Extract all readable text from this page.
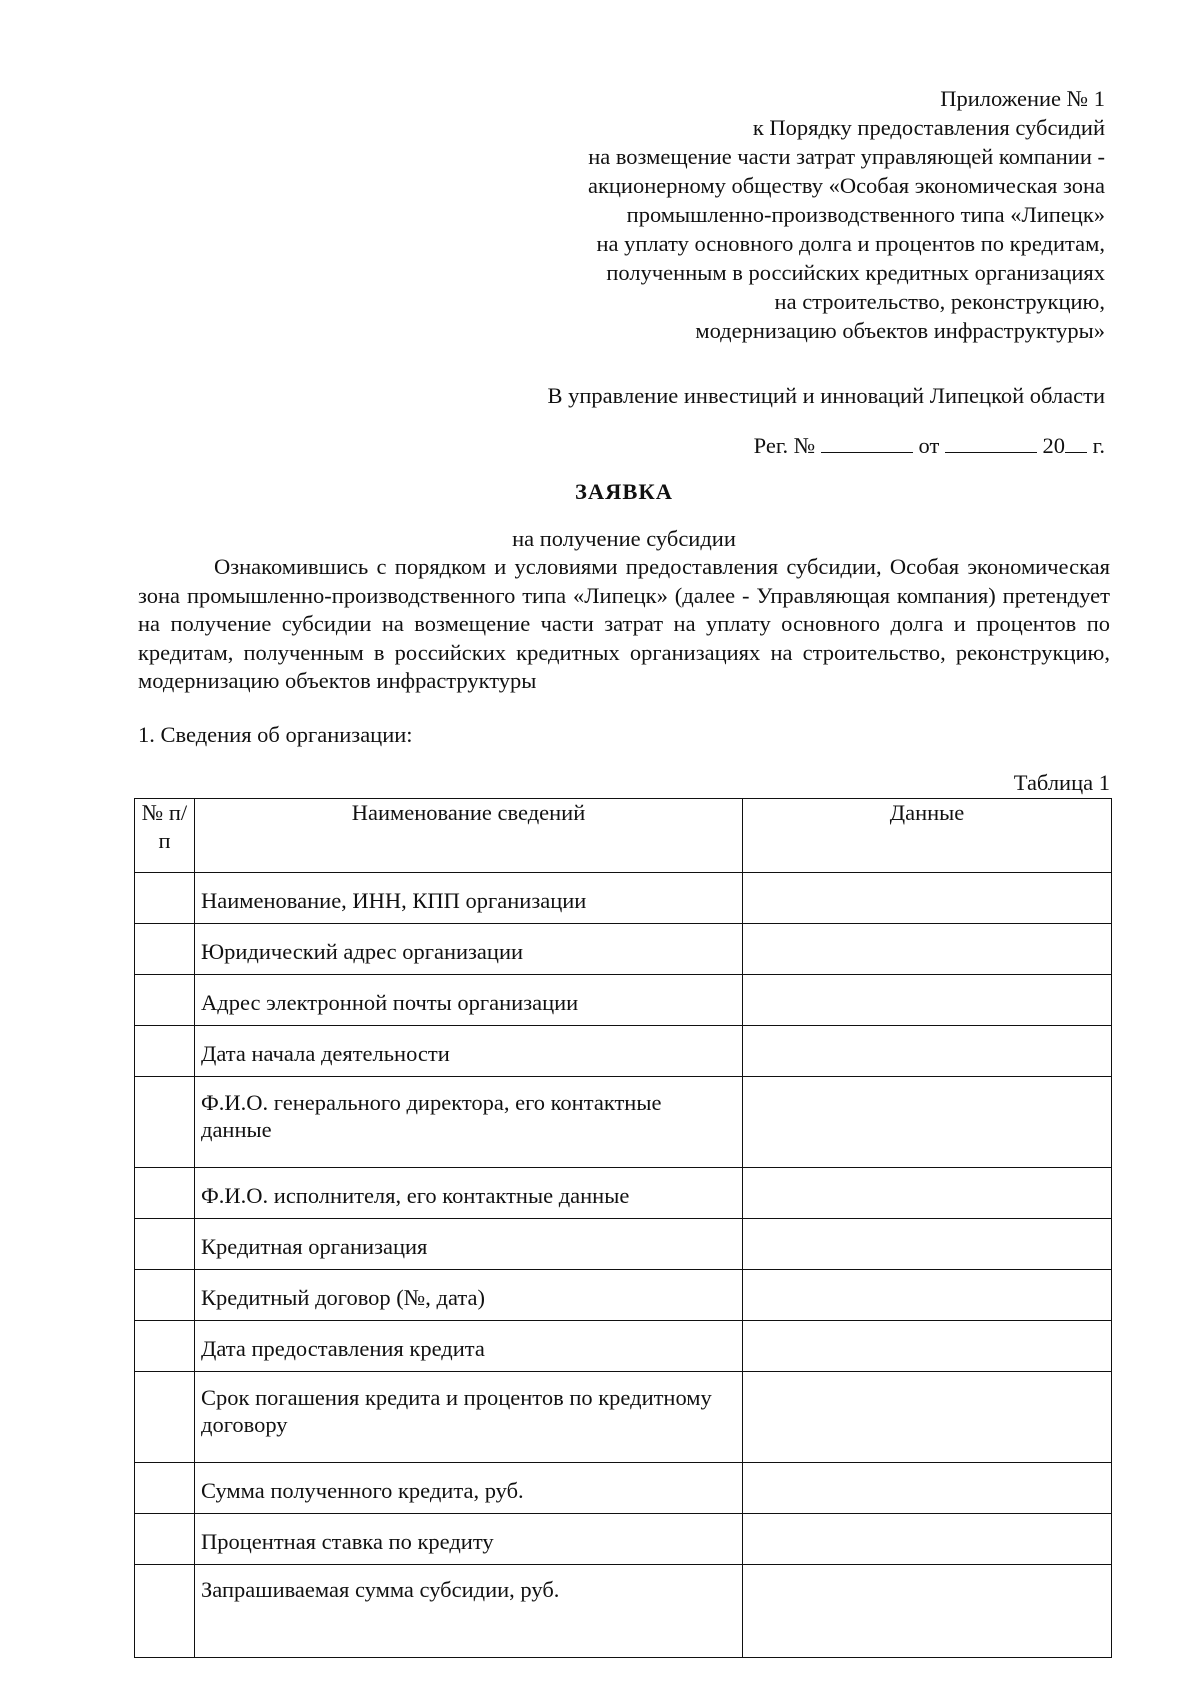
Приложение № 1
к Порядку предоставления субсидий
на возмещение части затрат управляющей компании -
акционерному обществу «Особая экономическая зона
промышленно-производственного типа «Липецк»
на уплату основного долга и процентов по кредитам,
полученным в российских кредитных организациях
на строительство, реконструкцию,
модернизацию объектов инфраструктуры»
В управление инвестиций и инноваций Липецкой области
Рег. №	от	20 г.
ЗАЯВКА
на получение субсидии

Ознакомившись с порядком и условиями предоставления субсидии, Особая экономическая зона промышленно-производственного типа «Липецк» (далее - Управляющая компания) претендует на получение субсидии на возмещение части затрат на уплату основного долга и процентов по кредитам, полученным в российских кредитных организациях на строительство, реконструкцию, модернизацию объектов инфраструктуры

1. Сведения об организации:
Таблица 1
№ п/п	Наименование сведений	Данные
	Наименование, ИНН, КПП организации	
	Юридический адрес организации	
	Адрес электронной почты организации	
	Дата начала деятельности	
	Ф.И.О. генерального директора, его контактные данные	
	Ф.И.О. исполнителя, его контактные данные	
	Кредитная организация	
	Кредитный договор (№, дата)	
	Дата предоставления кредита	
	Срок погашения кредита и процентов по кредитному договору	
	Сумма полученного кредита, руб.	
	Процентная ставка по кредиту	
	Запрашиваемая сумма субсидии, руб.	
